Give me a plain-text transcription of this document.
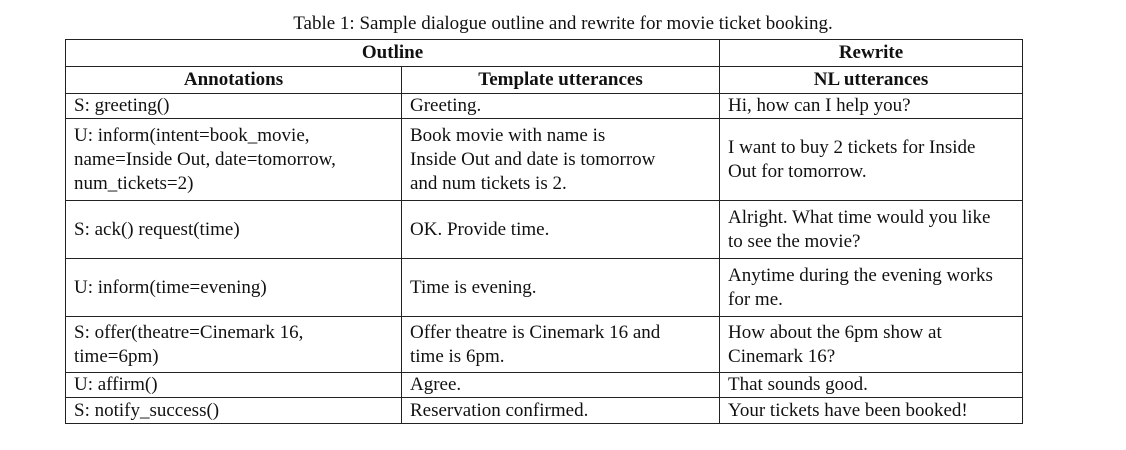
Table 1: Sample dialogue outline and rewrite for movie ticket booking.
Outline		Rewrite
Annotations	Template utterances	NL utterances

S: greeting()	Greeting.	Hi, how can I help you?

U: inform(intent=book_movie,
name=Inside Out, date=tomorrow,
num_tickets=2)	Book movie with name is
Inside Out and date is tomorrow
and num tickets is 2.	I want to buy 2 tickets for Inside
Out for tomorrow.

S: ack() request(time)	OK. Provide time.	Alright. What time would you like
to see the movie?

U: inform(time=evening)	Time is evening.	Anytime during the evening works
for me.

S: offer(theatre=Cinemark 16,
time=6pm)	Offer theatre is Cinemark 16 and
time is 6pm.	How about the 6pm show at
Cinemark 16?

U: affirm()	Agree.	That sounds good.

S: notify_success()	Reservation confirmed.	Your tickets have been booked!
